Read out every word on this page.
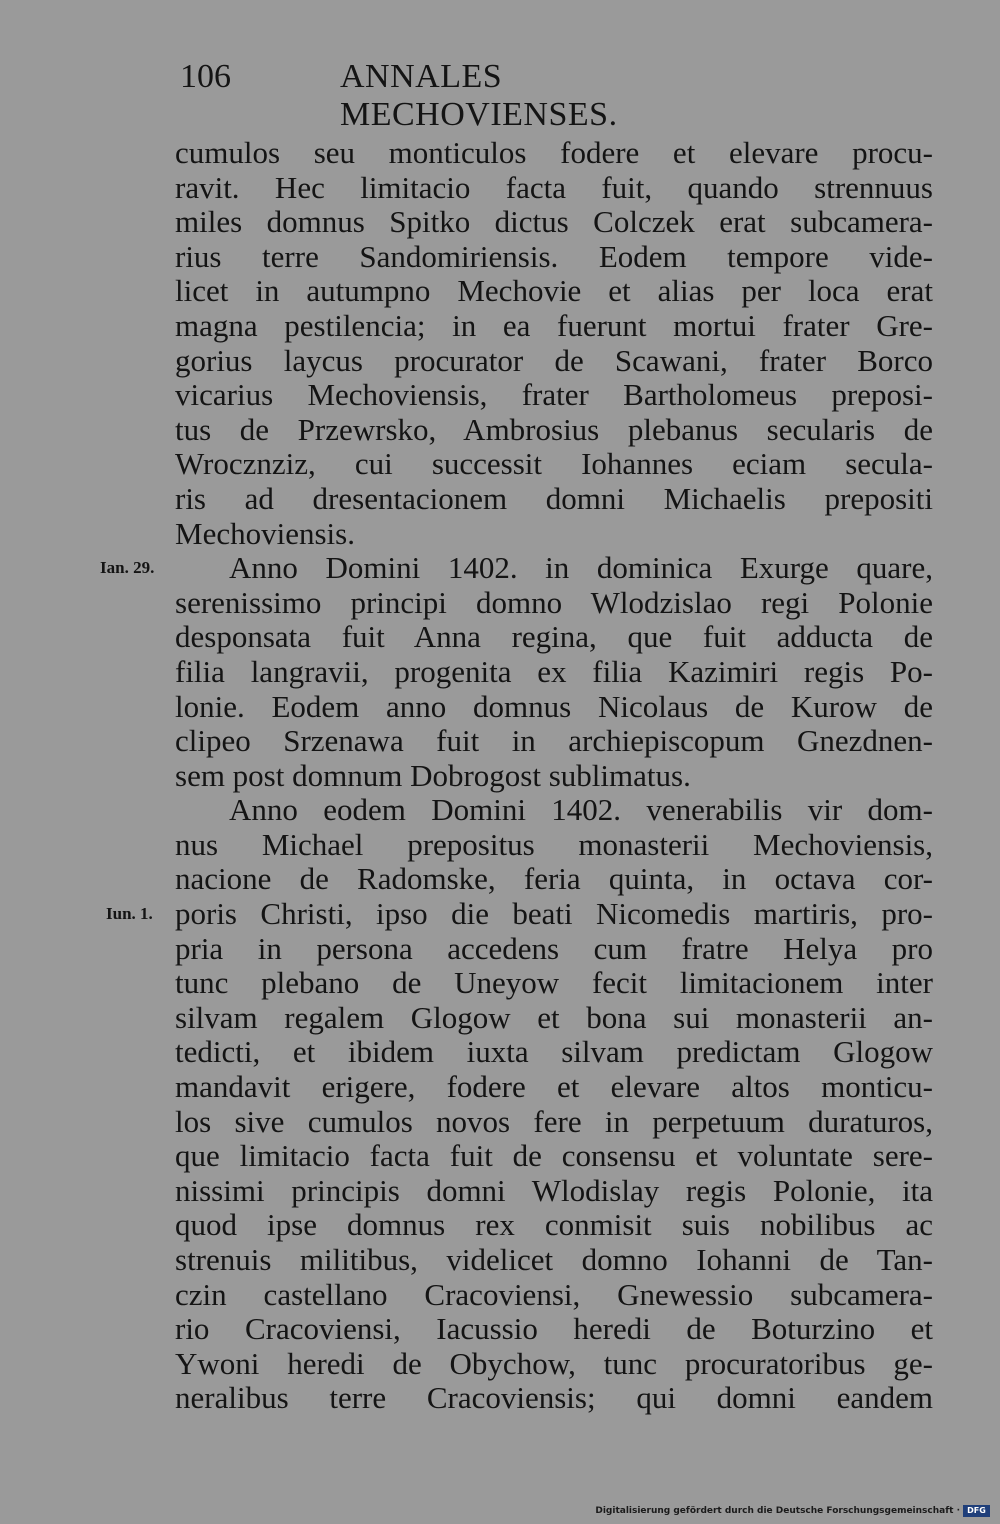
106	ANNALES MECHOVIENSES.
cumulos seu monticulos fodere et elevare procu-
ravit. Hec limitacio facta fuit, quando strennuus
miles domnus Spitko dictus Colczek erat subcamera-
rius terre Sandomiriensis. Eodem tempore vide-
licet in autumpno Mechovie et alias per loca erat
magna pestilencia; in ea fuerunt mortui frater Gre-
gorius laycus procurator de Scawani, frater Borco
vicarius Mechoviensis, frater Bartholomeus preposi-
tus de Przewrsko, Ambrosius plebanus secularis de
Wrocznziz, cui successit Iohannes eciam secula-
ris ad dresentacionem domni Michaelis prepositi
Mechoviensis.
Ian. 29. Anno Domini 1402. in dominica Exurge quare,
serenissimo principi domno Wlodzislao regi Polonie
desponsata fuit Anna regina, que fuit adducta de
filia langravii, progenita ex filia Kazimiri regis Po-
lonie. Eodem anno domnus Nicolaus de Kurow de
clipeo Srzenawa fuit in archiepiscopum Gnezdnen-
sem post domnum Dobrogost sublimatus.
Anno eodem Domini 1402. venerabilis vir dom-
nus Michael prepositus monasterii Mechoviensis,
nacione de Radomske, feria quinta, in octava cor-
Iun. 1. poris Christi, ipso die beati Nicomedis martiris, pro-
pria in persona accedens cum fratre Helya pro
tunc plebano de Uneyow fecit limitacionem inter
silvam regalem Glogow et bona sui monasterii an-
tedicti, et ibidem iuxta silvam predictam Glogow
mandavit erigere, fodere et elevare altos monticu-
los sive cumulos novos fere in perpetuum duraturos,
que limitacio facta fuit de consensu et voluntate sere-
nissimi principis domni Wlodislay regis Polonie, ita
quod ipse domnus rex conmisit suis nobilibus ac
strenuis militibus, videlicet domno Iohanni de Tan-
czin castellano Cracoviensi, Gnewessio subcamera-
rio Cracoviensi, Iacussio heredi de Boturzino et
Ywoni heredi de Obychow, tunc procuratoribus ge-
neralibus terre Cracoviensis; qui domni eandem
Digitalisierung gefördert durch die Deutsche Forschungsgemeinschaft · DFG
